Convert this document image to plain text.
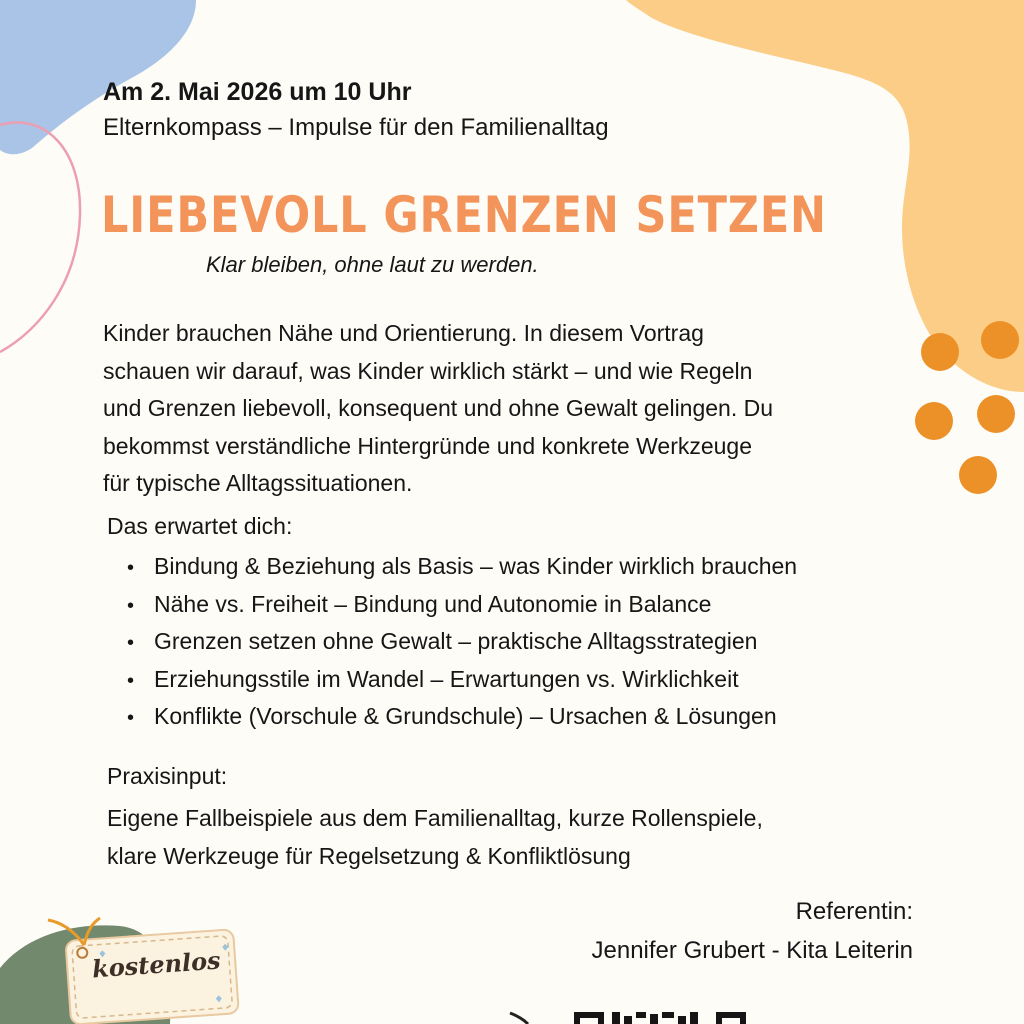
Am 2. Mai 2026 um 10 Uhr

Elternkompass – Impulse für den Familienalltag

LIEBEVOLL GRENZEN SETZEN

Klar bleiben, ohne laut zu werden.

Kinder brauchen Nähe und Orientierung. In diesem Vortrag
schauen wir darauf, was Kinder wirklich stärkt – und wie Regeln
und Grenzen liebevoll, konsequent und ohne Gewalt gelingen. Du
bekommst verständliche Hintergründe und konkrete Werkzeuge
für typische Alltagssituationen.

Das erwartet dich:

• Bindung & Beziehung als Basis – was Kinder wirklich brauchen
• Nähe vs. Freiheit – Bindung und Autonomie in Balance
• Grenzen setzen ohne Gewalt – praktische Alltagsstrategien
• Erziehungsstile im Wandel – Erwartungen vs. Wirklichkeit
• Konflikte (Vorschule & Grundschule) – Ursachen & Lösungen

Praxisinput:

Eigene Fallbeispiele aus dem Familienalltag, kurze Rollenspiele,
klare Werkzeuge für Regelsetzung & Konfliktlösung

Referentin:

Jennifer Grubert - Kita Leiterin

kostenlos
